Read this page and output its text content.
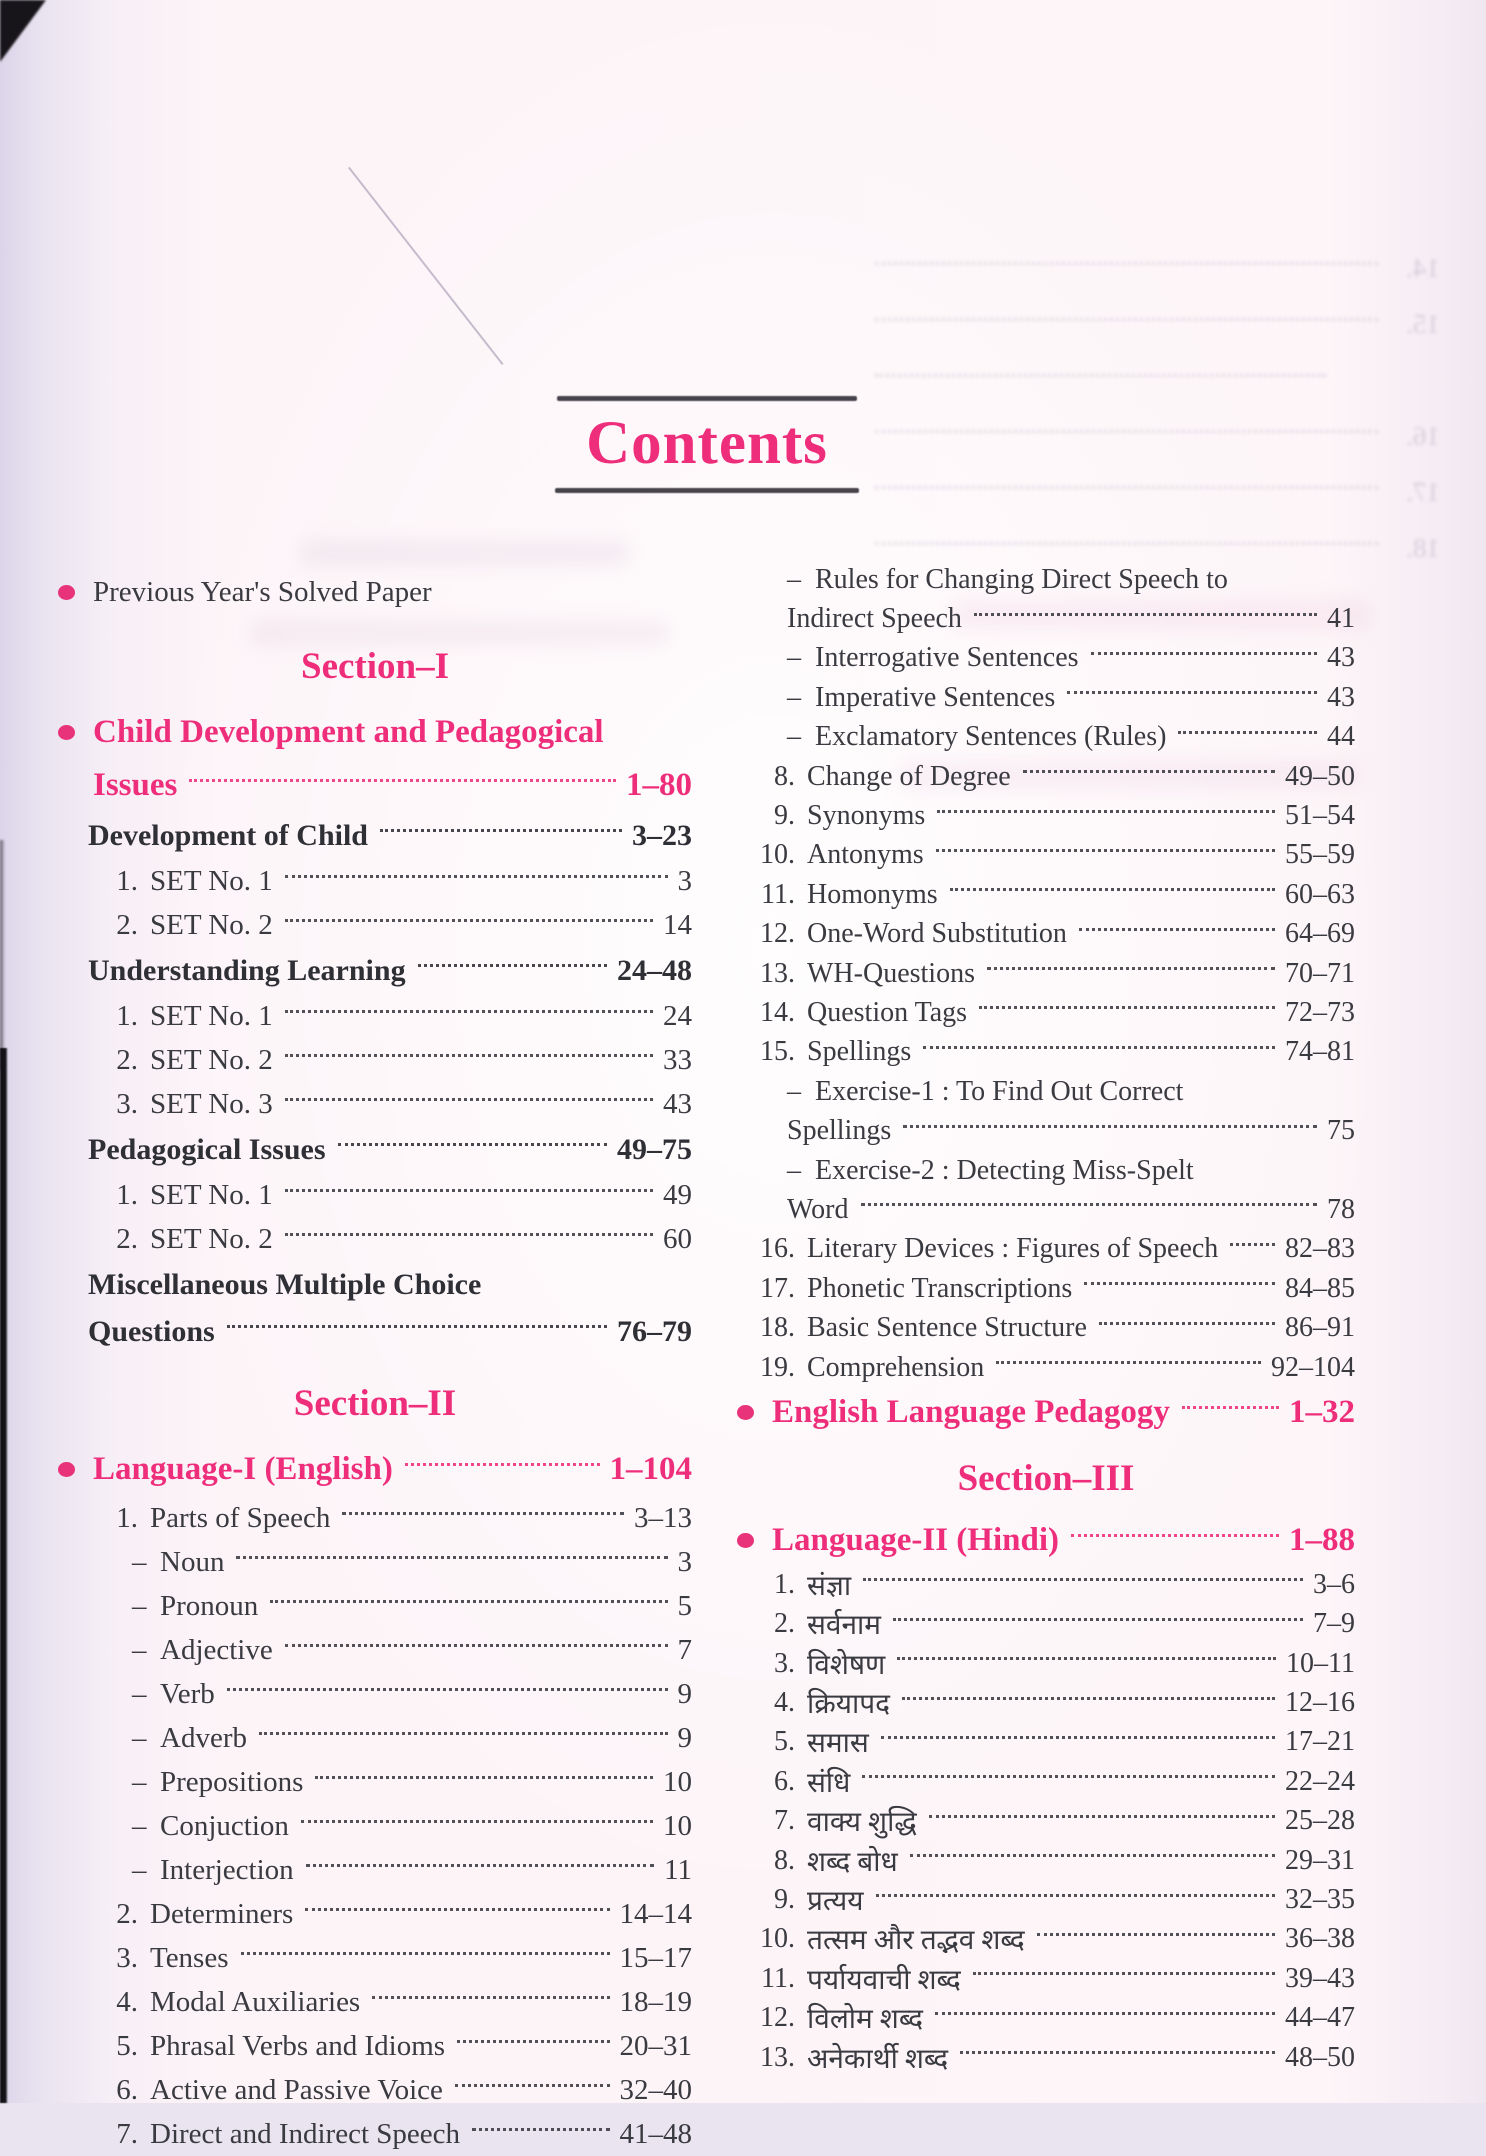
14.
15.
16.
17.
18.
Contents
Previous Year's Solved Paper
Section–I
Child Development and Pedagogical
Issues	1–80
Development of Child	3–23
1. SET No. 1	3
2. SET No. 2	14
Understanding Learning	24–48
1. SET No. 1	24
2. SET No. 2	33
3. SET No. 3	43
Pedagogical Issues	49–75
1. SET No. 1	49
2. SET No. 2	60
Miscellaneous Multiple Choice
Questions	76–79
Section–II
Language-I (English)	1–104
1. Parts of Speech	3–13
– Noun	3
– Pronoun	5
– Adjective	7
– Verb	9
– Adverb	9
– Prepositions	10
– Conjuction	10
– Interjection	11
2. Determiners	14–14
3. Tenses	15–17
4. Modal Auxiliaries	18–19
5. Phrasal Verbs and Idioms	20–31
6. Active and Passive Voice	32–40
7. Direct and Indirect Speech	41–48
– Rules for Changing Direct Speech to
Indirect Speech	41
– Interrogative Sentences	43
– Imperative Sentences	43
– Exclamatory Sentences (Rules)	44
8. Change of Degree	49–50
9. Synonyms	51–54
10. Antonyms	55–59
11. Homonyms	60–63
12. One-Word Substitution	64–69
13. WH-Questions	70–71
14. Question Tags	72–73
15. Spellings	74–81
– Exercise-1 : To Find Out Correct
Spellings	75
– Exercise-2 : Detecting Miss-Spelt
Word	78
16. Literary Devices : Figures of Speech 82–83
17. Phonetic Transcriptions	84–85
18. Basic Sentence Structure	86–91
19. Comprehension	92–104
English Language Pedagogy	1–32
Section–III
Language-II (Hindi)	1–88
1. संज्ञा	3–6
2. सर्वनाम	7–9
3. विशेषण	10–11
4. क्रियापद	12–16
5. समास	17–21
6. संधि	22–24
7. वाक्य शुद्धि	25–28
8. शब्द बोध	29–31
9. प्रत्यय	32–35
10. तत्सम और तद्भव शब्द	36–38
11. पर्यायवाची शब्द	39–43
12. विलोम शब्द	44–47
13. अनेकार्थी शब्द	48–50
